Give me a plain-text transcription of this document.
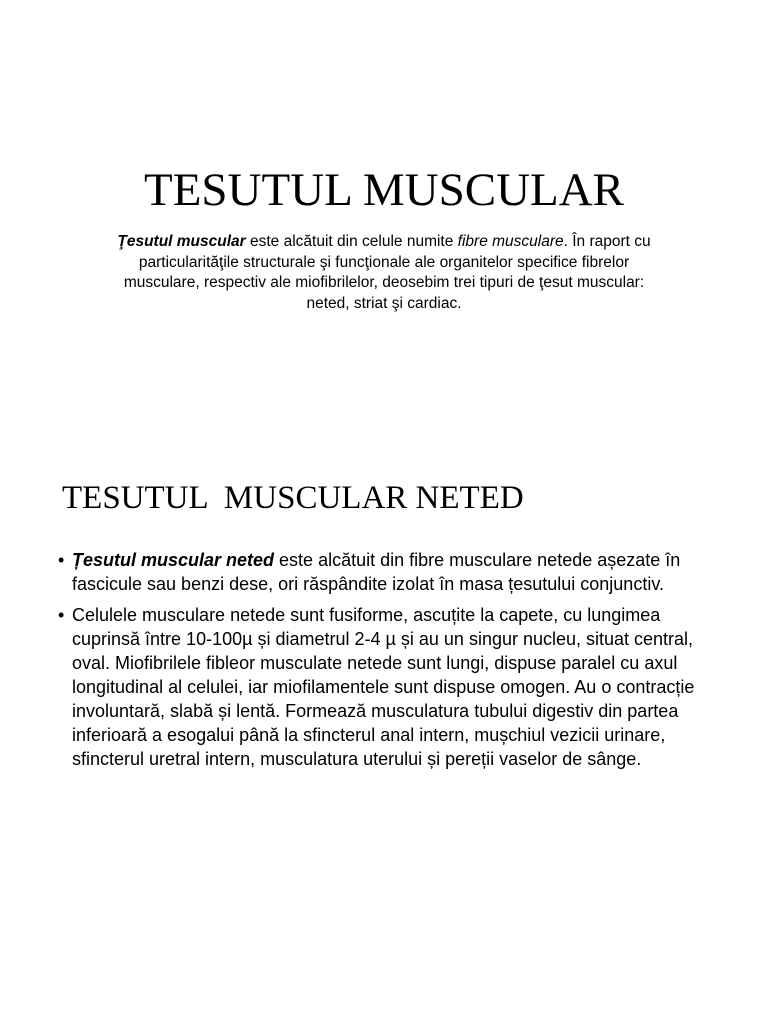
TESUTUL MUSCULAR

Ţesutul muscular este alcătuit din celule numite fibre musculare. În raport cu particularităţile structurale şi funcţionale ale organitelor specifice fibrelor musculare, respectiv ale miofibrilelor, deosebim trei tipuri de ţesut muscular: neted, striat şi cardiac.

TESUTUL  MUSCULAR NETED
• Țesutul muscular neted este alcătuit din fibre musculare netede așezate în fascicule sau benzi dese, ori răspândite izolat în masa țesutului conjunctiv.
• Celulele musculare netede sunt fusiforme, ascuțite la capete, cu lungimea cuprinsă între 10-100µ și diametrul 2-4 µ și au un singur nucleu, situat central, oval. Miofibrilele fibleor musculate netede sunt lungi, dispuse paralel cu axul longitudinal al celulei, iar miofilamentele sunt dispuse omogen. Au o contracție involuntară, slabă și lentă. Formează musculatura tubului digestiv din partea inferioară a esogalui până la sfincterul anal intern, mușchiul vezicii urinare, sfincterul uretral intern, musculatura uterului și pereții vaselor de sânge.
